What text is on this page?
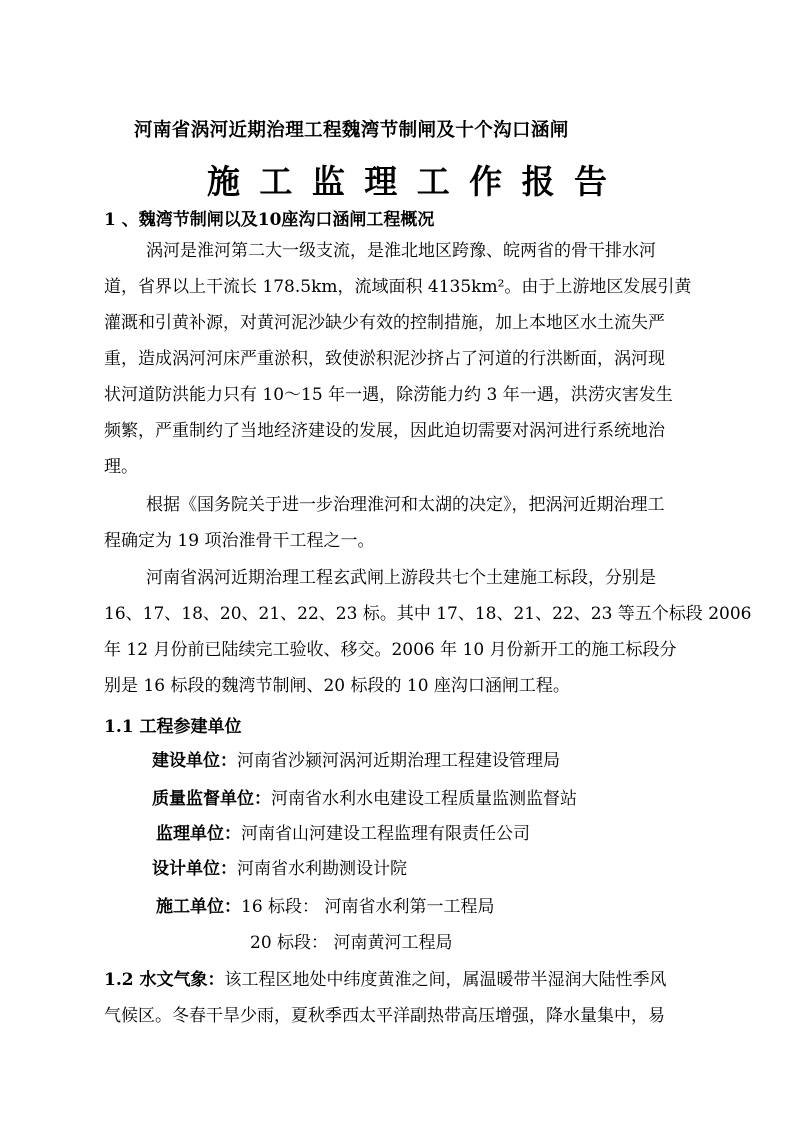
河南省涡河近期治理工程魏湾节制闸及十个沟口涵闸
施工监理工作报告
1 、魏湾节制闸以及10座沟口涵闸工程概况
涡河是淮河第二大一级支流，是淮北地区跨豫、皖两省的骨干排水河
道，省界以上干流长 178.5km，流域面积 4135km²。由于上游地区发展引黄
灌溉和引黄补源，对黄河泥沙缺少有效的控制措施，加上本地区水土流失严
重，造成涡河河床严重淤积，致使淤积泥沙挤占了河道的行洪断面，涡河现
状河道防洪能力只有 10～15 年一遇，除涝能力约 3 年一遇，洪涝灾害发生
频繁，严重制约了当地经济建设的发展，因此迫切需要对涡河进行系统地治
理。
根据《国务院关于进一步治理淮河和太湖的决定》，把涡河近期治理工
程确定为 19 项治淮骨干工程之一。
河南省涡河近期治理工程玄武闸上游段共七个土建施工标段，分别是
16、17、18、20、21、22、23 标。其中 17、18、21、22、23 等五个标段 2006
年 12 月份前已陆续完工验收、移交。2006 年 10 月份新开工的施工标段分
别是 16 标段的魏湾节制闸、20 标段的 10 座沟口涵闸工程。
1.1 工程参建单位
建设单位：河南省沙颍河涡河近期治理工程建设管理局
质量监督单位：河南省水利水电建设工程质量监测监督站
监理单位：河南省山河建设工程监理有限责任公司
设计单位：河南省水利勘测设计院
施工单位：16 标段： 河南省水利第一工程局
20 标段： 河南黄河工程局
1.2 水文气象：该工程区地处中纬度黄淮之间，属温暖带半湿润大陆性季风
气候区。冬春干旱少雨，夏秋季西太平洋副热带高压增强，降水量集中，易
